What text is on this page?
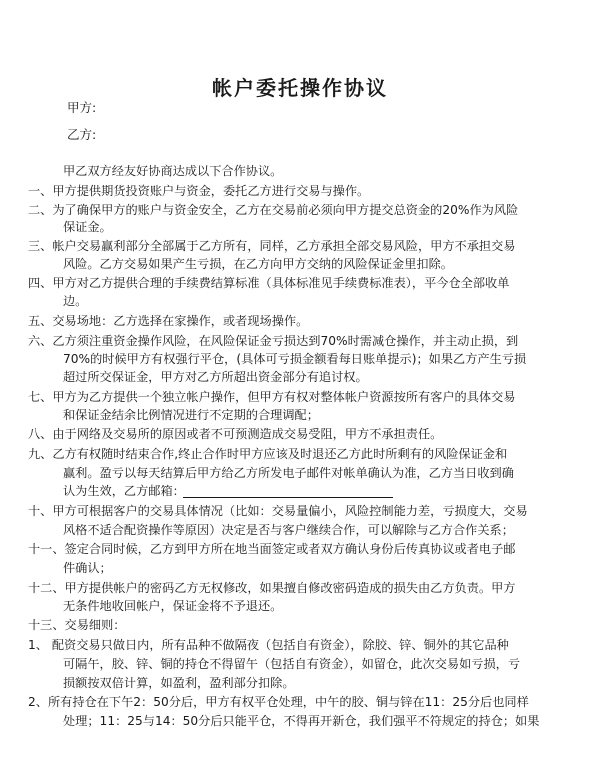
帐户委托操作协议
甲方:
乙方:
甲乙双方经友好协商达成以下合作协议。
一、甲方提供期货投资账户与资金，委托乙方进行交易与操作。
二、为了确保甲方的账户与资金安全，乙方在交易前必须向甲方提交总资金的20%作为风险
保证金。
三、帐户交易赢利部分全部属于乙方所有，同样，乙方承担全部交易风险，甲方不承担交易
风险。乙方交易如果产生亏损，在乙方向甲方交纳的风险保证金里扣除。
四、甲方对乙方提供合理的手续费结算标准（具体标准见手续费标准表），平今仓全部收单
边。
五、交易场地：乙方选择在家操作，或者现场操作。
六、乙方须注重资金操作风险，在风险保证金亏损达到70%时需减仓操作，并主动止损，到
70%的时候甲方有权强行平仓，(具体可亏损金额看每日账单提示)；如果乙方产生亏损
超过所交保证金，甲方对乙方所超出资金部分有追讨权。
七、甲方为乙方提供一个独立帐户操作，但甲方有权对整体帐户资源按所有客户的具体交易
和保证金结余比例情况进行不定期的合理调配；
八、由于网络及交易所的原因或者不可预测造成交易受阻，甲方不承担责任。
九、乙方有权随时结束合作,终止合作时甲方应该及时退还乙方此时所剩有的风险保证金和
赢利。盈亏以每天结算后甲方给乙方所发电子邮件对帐单确认为准，乙方当日收到确
认为生效，乙方邮箱：
十、甲方可根据客户的交易具体情况（比如：交易量偏小，风险控制能力差，亏损度大，交易
风格不适合配资操作等原因）决定是否与客户继续合作，可以解除与乙方合作关系；
十一、签定合同时候，乙方到甲方所在地当面签定或者双方确认身份后传真协议或者电子邮
件确认；
十二、甲方提供帐户的密码乙方无权修改，如果擅自修改密码造成的损失由乙方负责。甲方
无条件地收回帐户，保证金将不予退还。
十三、交易细则：
1、 配资交易只做日内，所有品种不做隔夜（包括自有资金），除胶、锌、铜外的其它品种
可隔午，胶、锌、铜的持仓不得留午（包括自有资金），如留仓，此次交易如亏损，亏
损额按双倍计算，如盈利，盈利部分扣除。
2、所有持仓在下午2：50分后，甲方有权平仓处理，中午的胶、铜与锌在11：25分后也同样
处理；11：25与14：50分后只能平仓，不得再开新仓，我们强平不符规定的持仓；如果
